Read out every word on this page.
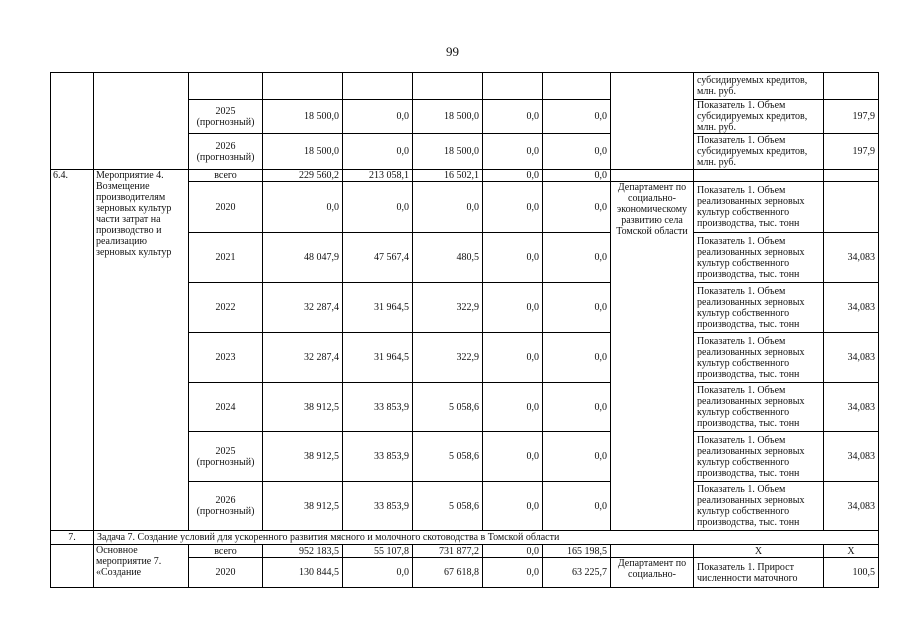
99
									субсидируемых кредитов, млн. руб.	
		2025 (прогнозный)	18 500,0	0,0	18 500,0	0,0	0,0		Показатель 1. Объем субсидируемых кредитов, млн. руб.	197,9
		2026 (прогнозный)	18 500,0	0,0	18 500,0	0,0	0,0		Показатель 1. Объем субсидируемых кредитов, млн. руб.	197,9
6.4.	Мероприятие 4. Возмещение производителям зерновых культур части затрат на производство и реализацию зерновых культур	всего	229 560,2	213 058,1	16 502,1	0,0	0,0			
		2020	0,0	0,0	0,0	0,0	0,0	Департамент по социально-экономическому развитию села Томской области	Показатель 1. Объем реализованных зерновых культур собственного производства, тыс. тонн	
		2021	48 047,9	47 567,4	480,5	0,0	0,0		Показатель 1. Объем реализованных зерновых культур собственного производства, тыс. тонн	34,083
		2022	32 287,4	31 964,5	322,9	0,0	0,0		Показатель 1. Объем реализованных зерновых культур собственного производства, тыс. тонн	34,083
		2023	32 287,4	31 964,5	322,9	0,0	0,0		Показатель 1. Объем реализованных зерновых культур собственного производства, тыс. тонн	34,083
		2024	38 912,5	33 853,9	5 058,6	0,0	0,0		Показатель 1. Объем реализованных зерновых культур собственного производства, тыс. тонн	34,083
		2025 (прогнозный)	38 912,5	33 853,9	5 058,6	0,0	0,0		Показатель 1. Объем реализованных зерновых культур собственного производства, тыс. тонн	34,083
		2026 (прогнозный)	38 912,5	33 853,9	5 058,6	0,0	0,0		Показатель 1. Объем реализованных зерновых культур собственного производства, тыс. тонн	34,083
7.	Задача 7. Создание условий для ускоренного развития мясного и молочного скотоводства в Томской области									
	Основное мероприятие 7. «Создание	всего	952 183,5	55 107,8	731 877,2	0,0	165 198,5		X	X
		2020	130 844,5	0,0	67 618,8	0,0	63 225,7	Департамент по социально-	Показатель 1. Прирост численности маточного	100,5
